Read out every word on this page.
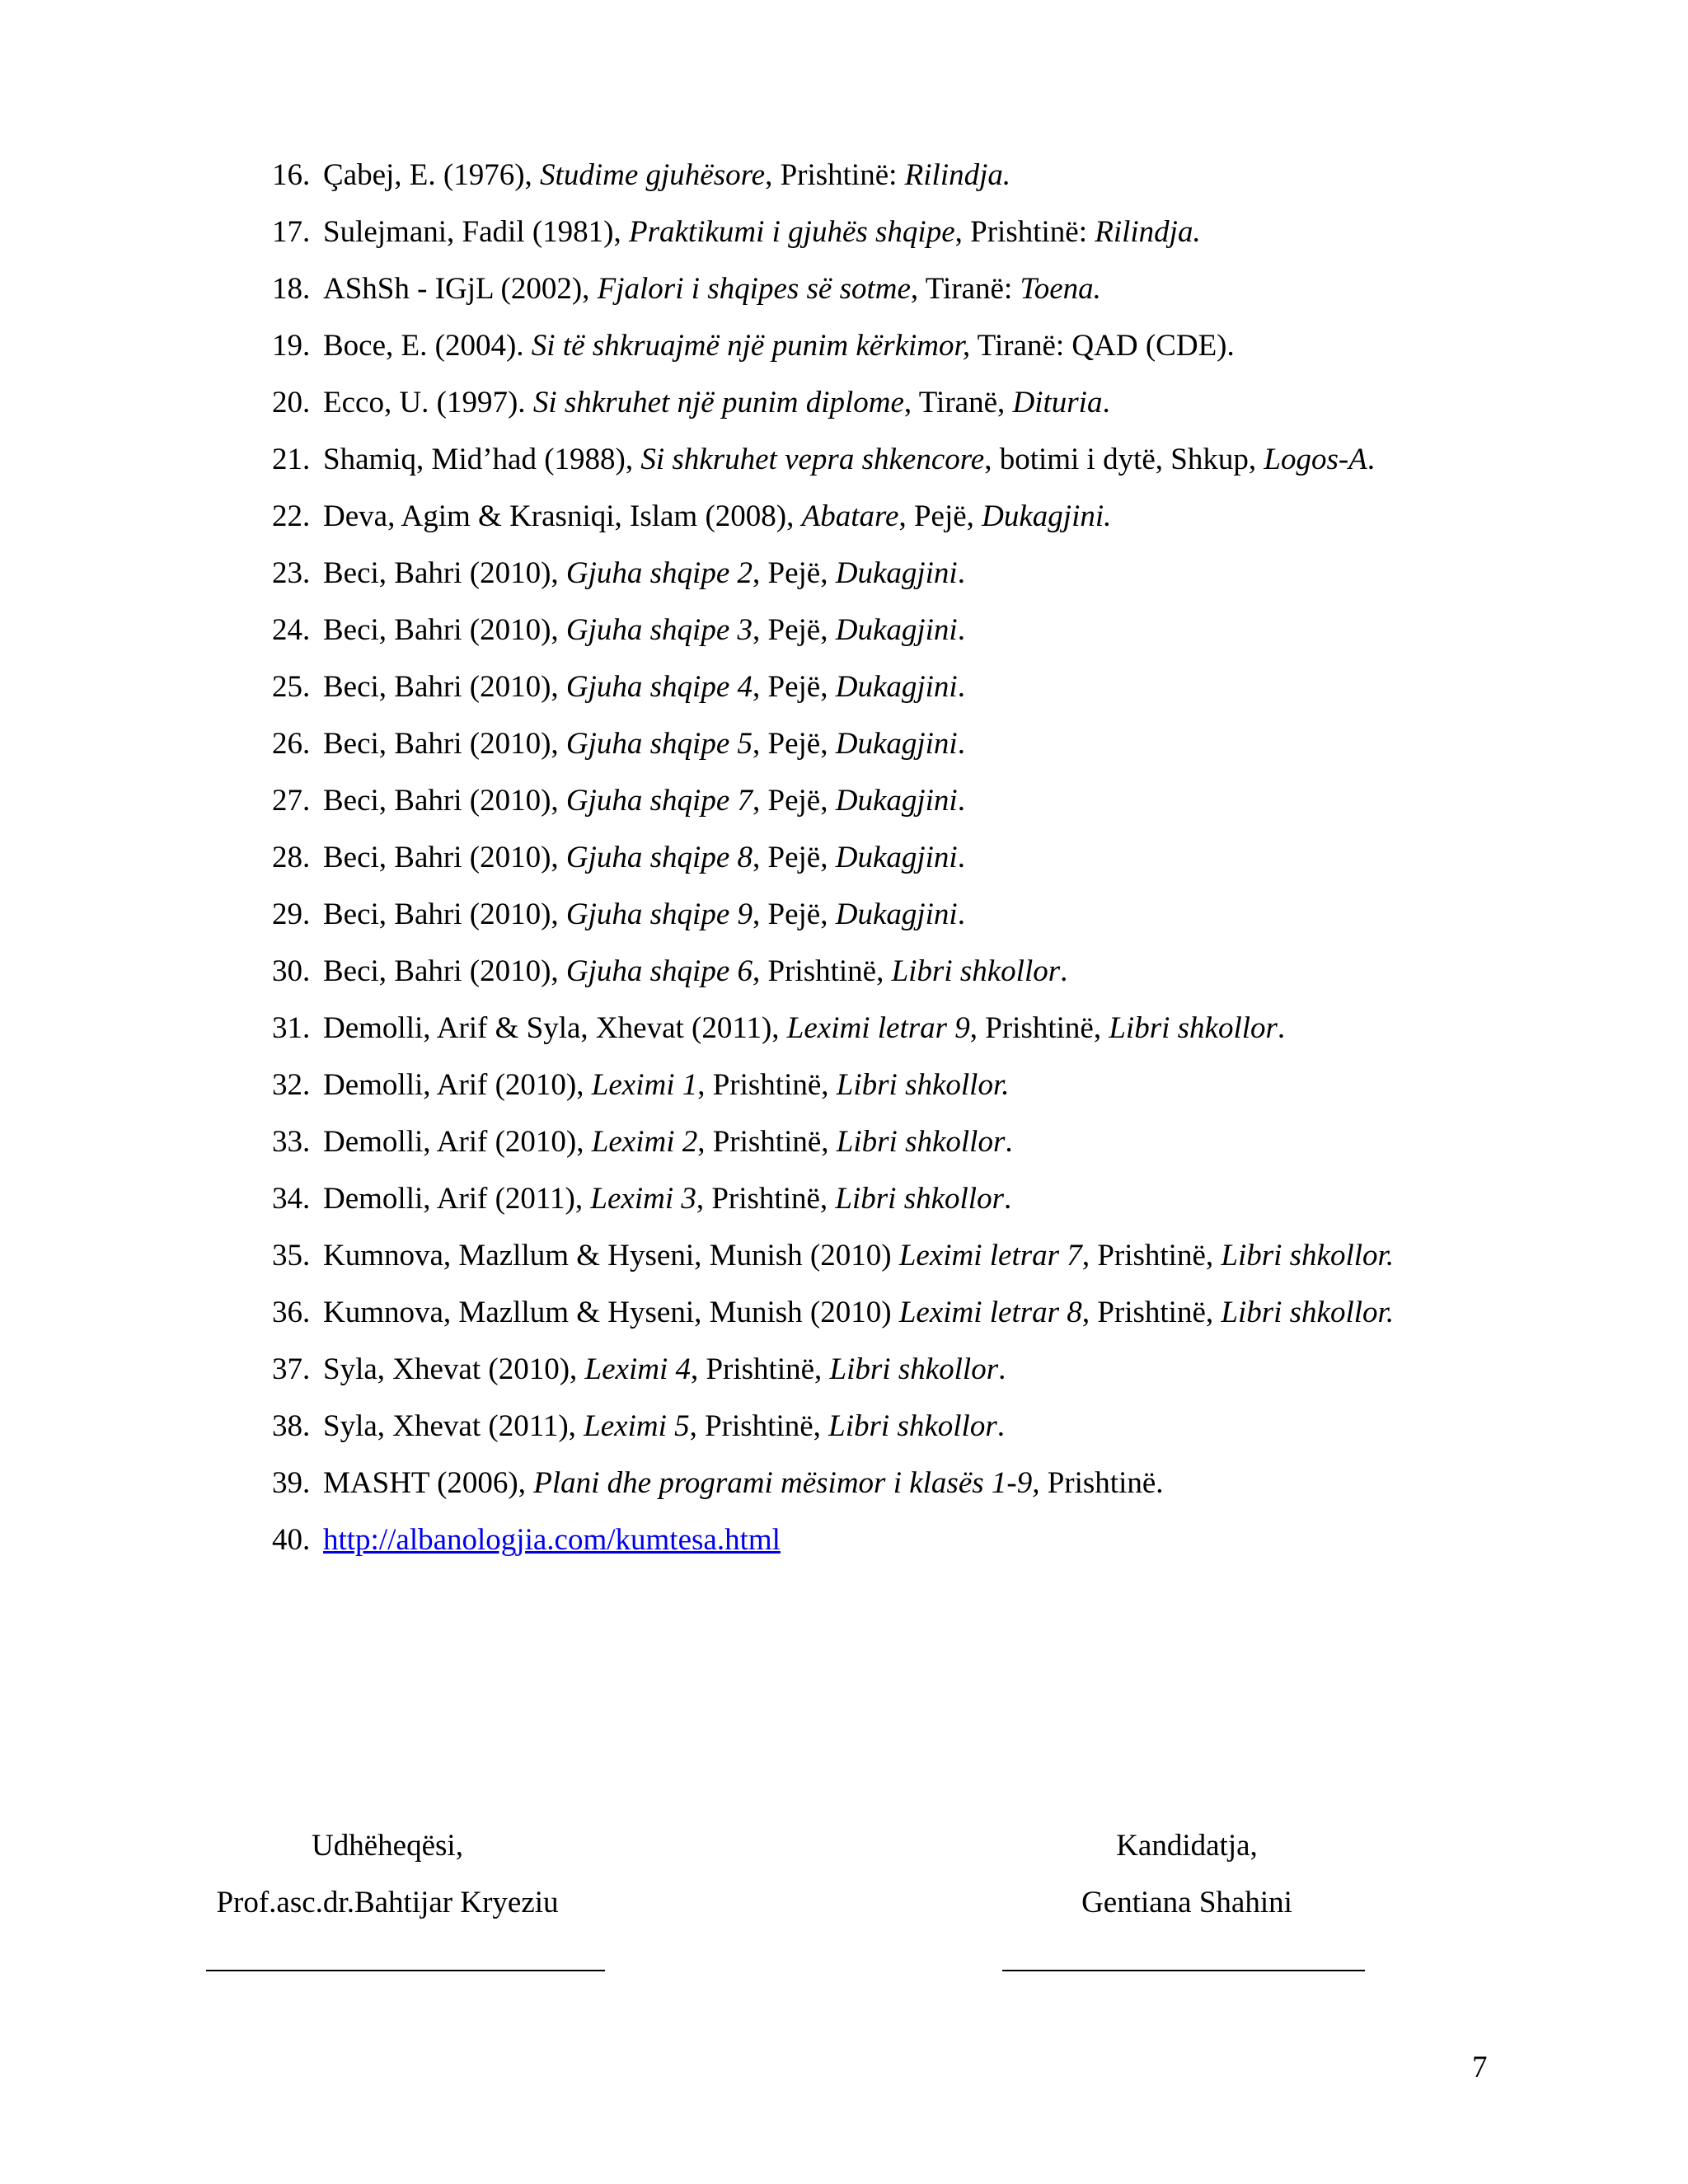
16. Çabej, E. (1976), Studime gjuhësore, Prishtinë: Rilindja.
17. Sulejmani, Fadil (1981), Praktikumi i gjuhës shqipe, Prishtinë: Rilindja.
18. AShSh - IGjL (2002), Fjalori i shqipes së sotme, Tiranë: Toena.
19. Boce, E. (2004). Si të shkruajmë një punim kërkimor, Tiranë: QAD (CDE).
20. Ecco, U. (1997). Si shkruhet një punim diplome, Tiranë, Dituria.
21. Shamiq, Mid’had (1988), Si shkruhet vepra shkencore, botimi i dytë, Shkup, Logos-A.
22. Deva, Agim & Krasniqi, Islam (2008), Abatare, Pejë, Dukagjini.
23. Beci, Bahri (2010), Gjuha shqipe 2, Pejë, Dukagjini.
24. Beci, Bahri (2010), Gjuha shqipe 3, Pejë, Dukagjini.
25. Beci, Bahri (2010), Gjuha shqipe 4, Pejë, Dukagjini.
26. Beci, Bahri (2010), Gjuha shqipe 5, Pejë, Dukagjini.
27. Beci, Bahri (2010), Gjuha shqipe 7, Pejë, Dukagjini.
28. Beci, Bahri (2010), Gjuha shqipe 8, Pejë, Dukagjini.
29. Beci, Bahri (2010), Gjuha shqipe 9, Pejë, Dukagjini.
30. Beci, Bahri (2010), Gjuha shqipe 6, Prishtinë, Libri shkollor.
31. Demolli, Arif & Syla, Xhevat (2011), Leximi letrar 9, Prishtinë, Libri shkollor.
32. Demolli, Arif (2010), Leximi 1, Prishtinë, Libri shkollor.
33. Demolli, Arif (2010), Leximi 2, Prishtinë, Libri shkollor.
34. Demolli, Arif (2011), Leximi 3, Prishtinë, Libri shkollor.
35. Kumnova, Mazllum & Hyseni, Munish (2010) Leximi letrar 7, Prishtinë, Libri shkollor.
36. Kumnova, Mazllum & Hyseni, Munish (2010) Leximi letrar 8, Prishtinë, Libri shkollor.
37. Syla, Xhevat (2010), Leximi 4, Prishtinë, Libri shkollor.
38. Syla, Xhevat (2011), Leximi 5, Prishtinë, Libri shkollor.
39. MASHT (2006), Plani dhe programi mësimor i klasës 1-9, Prishtinë.
40. http://albanologjia.com/kumtesa.html
Udhëheqësi,
Prof.asc.dr.Bahtijar Kryeziu
Kandidatja,
Gentiana Shahini
7
